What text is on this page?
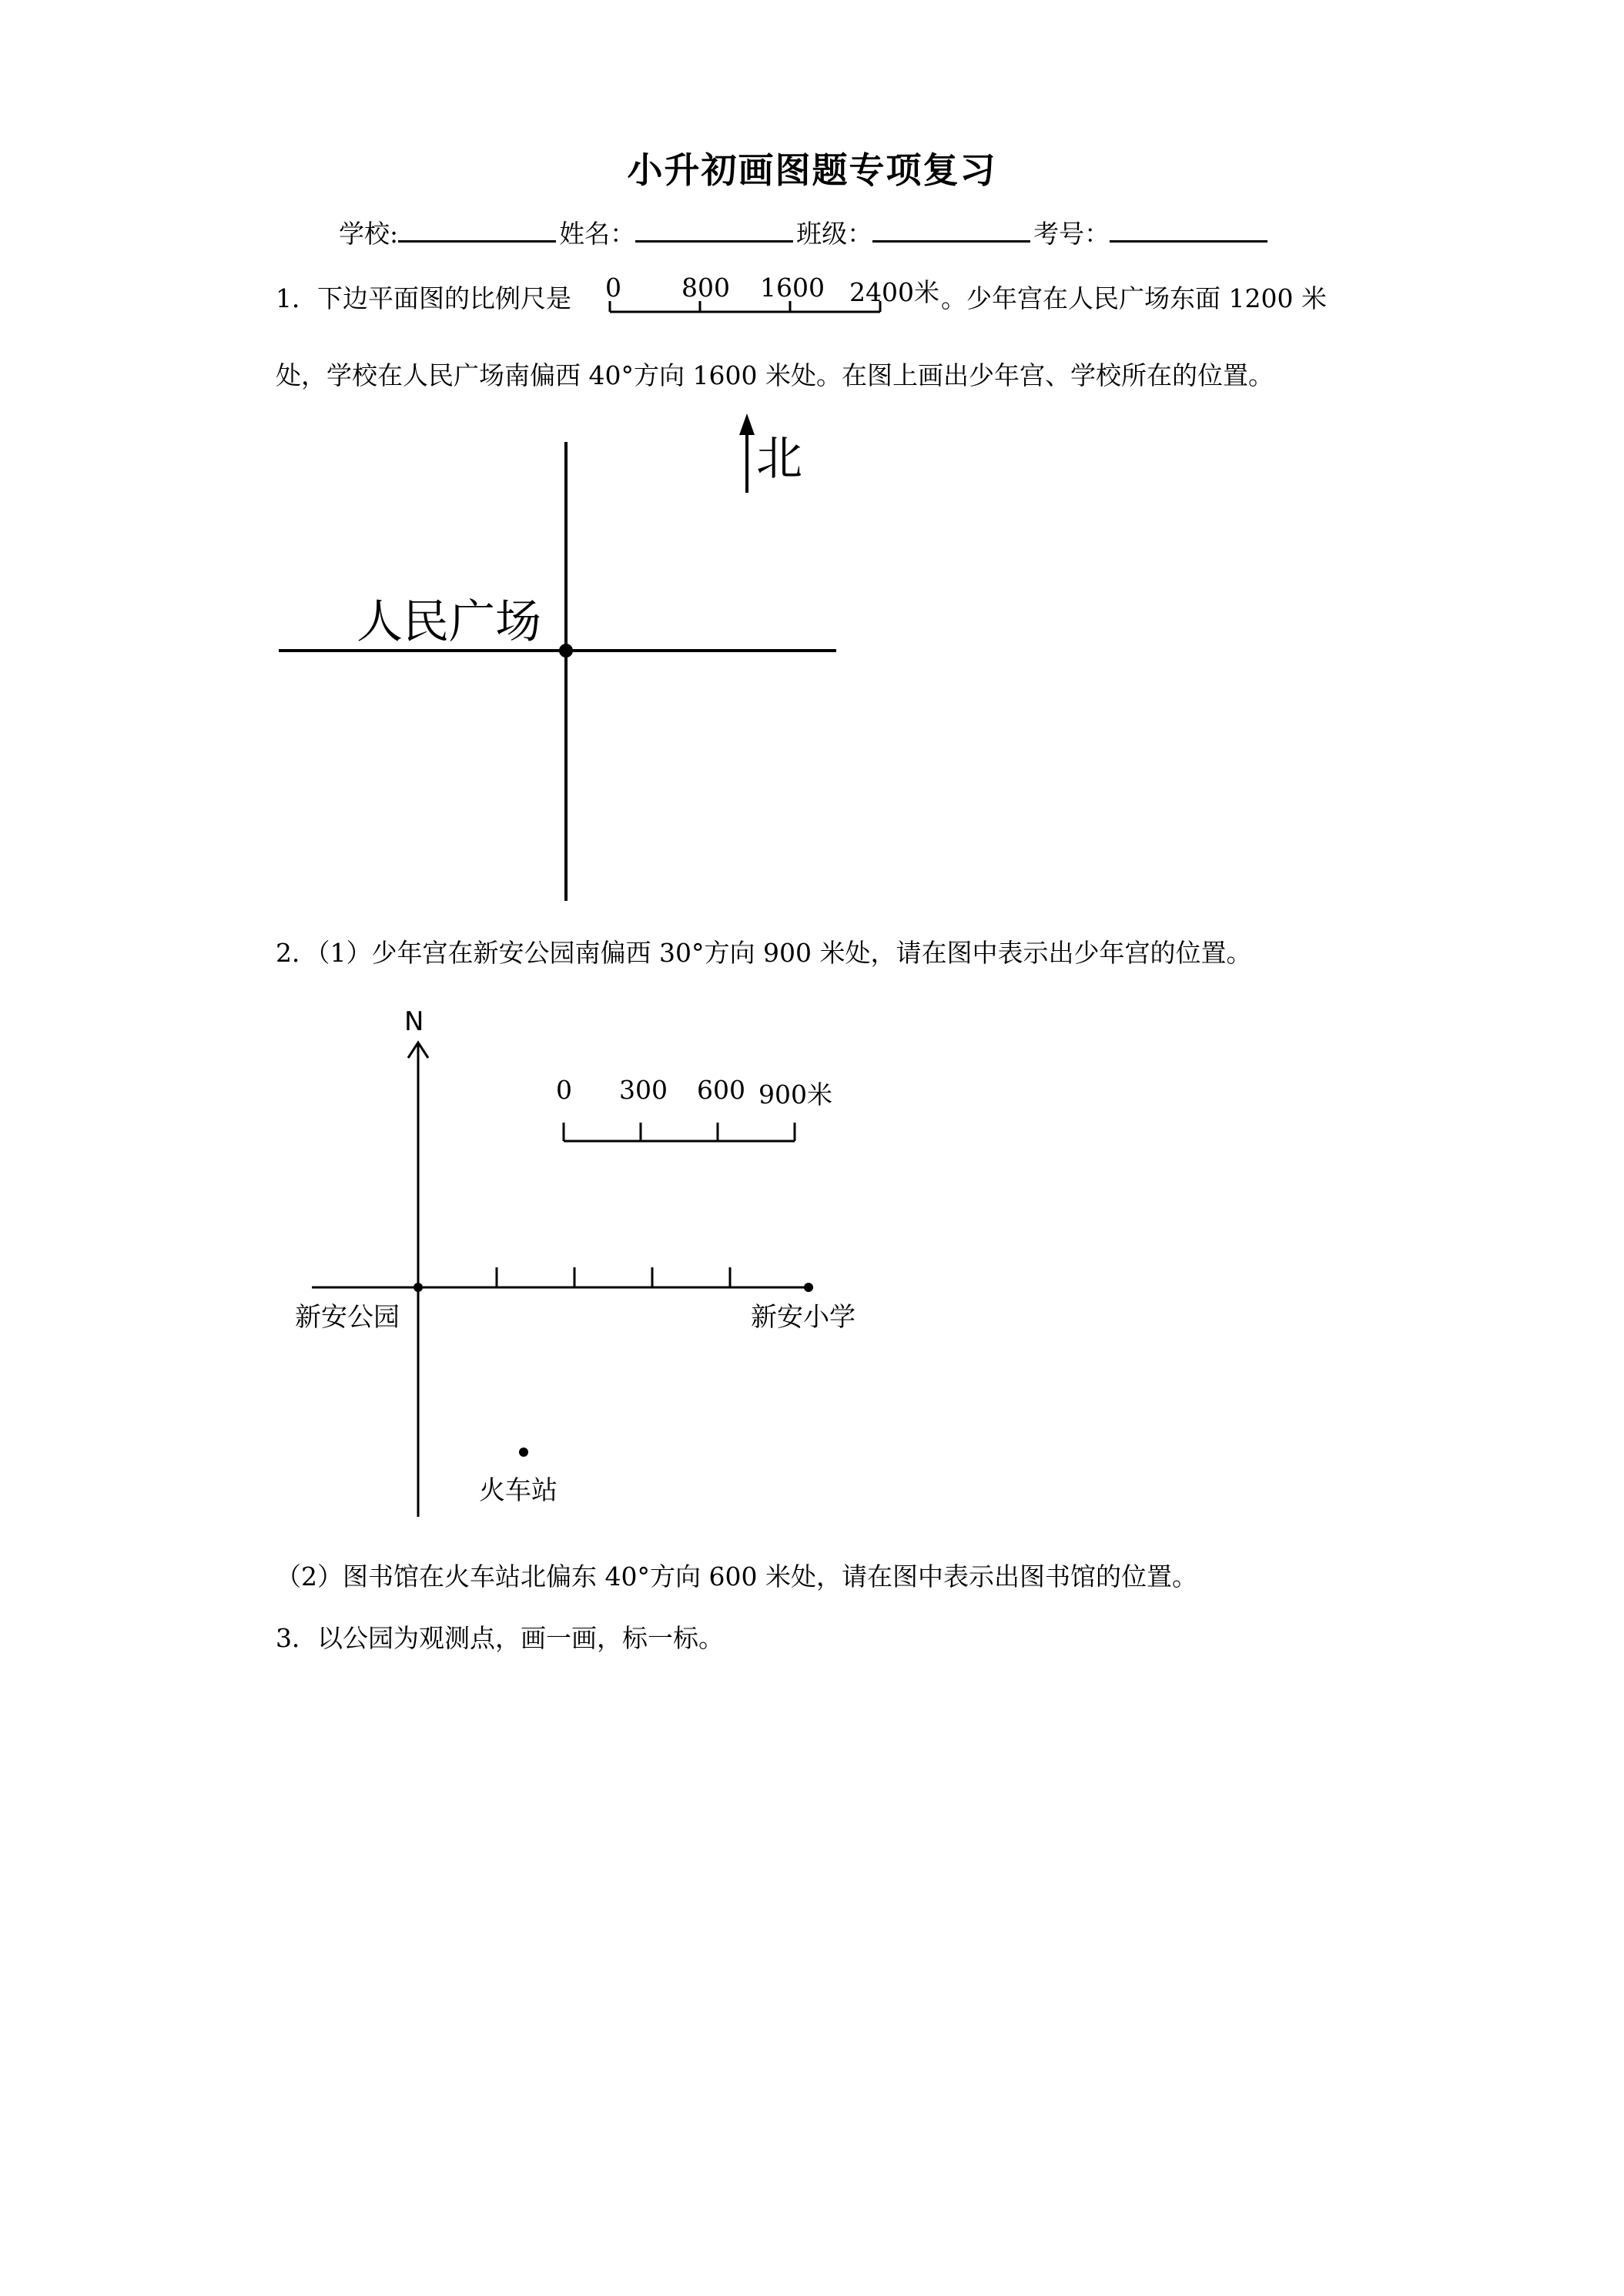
小升初画图题专项复习
学校:	姓名：	班级：	考号：
1．下边平面图的比例尺是	。少年宫在人民广场东面 1200 米
处，学校在人民广场南偏西 40°方向 1600 米处。在图上画出少年宫、学校所在的位置。
0 800 1600 2400米
北
人民广场
2．（1）少年宫在新安公园南偏西 30°方向 900 米处，请在图中表示出少年宫的位置。
N
0 300 600 900米
新安公园	新安小学
火车站
（2）图书馆在火车站北偏东 40°方向 600 米处，请在图中表示出图书馆的位置。
3．以公园为观测点，画一画，标一标。
